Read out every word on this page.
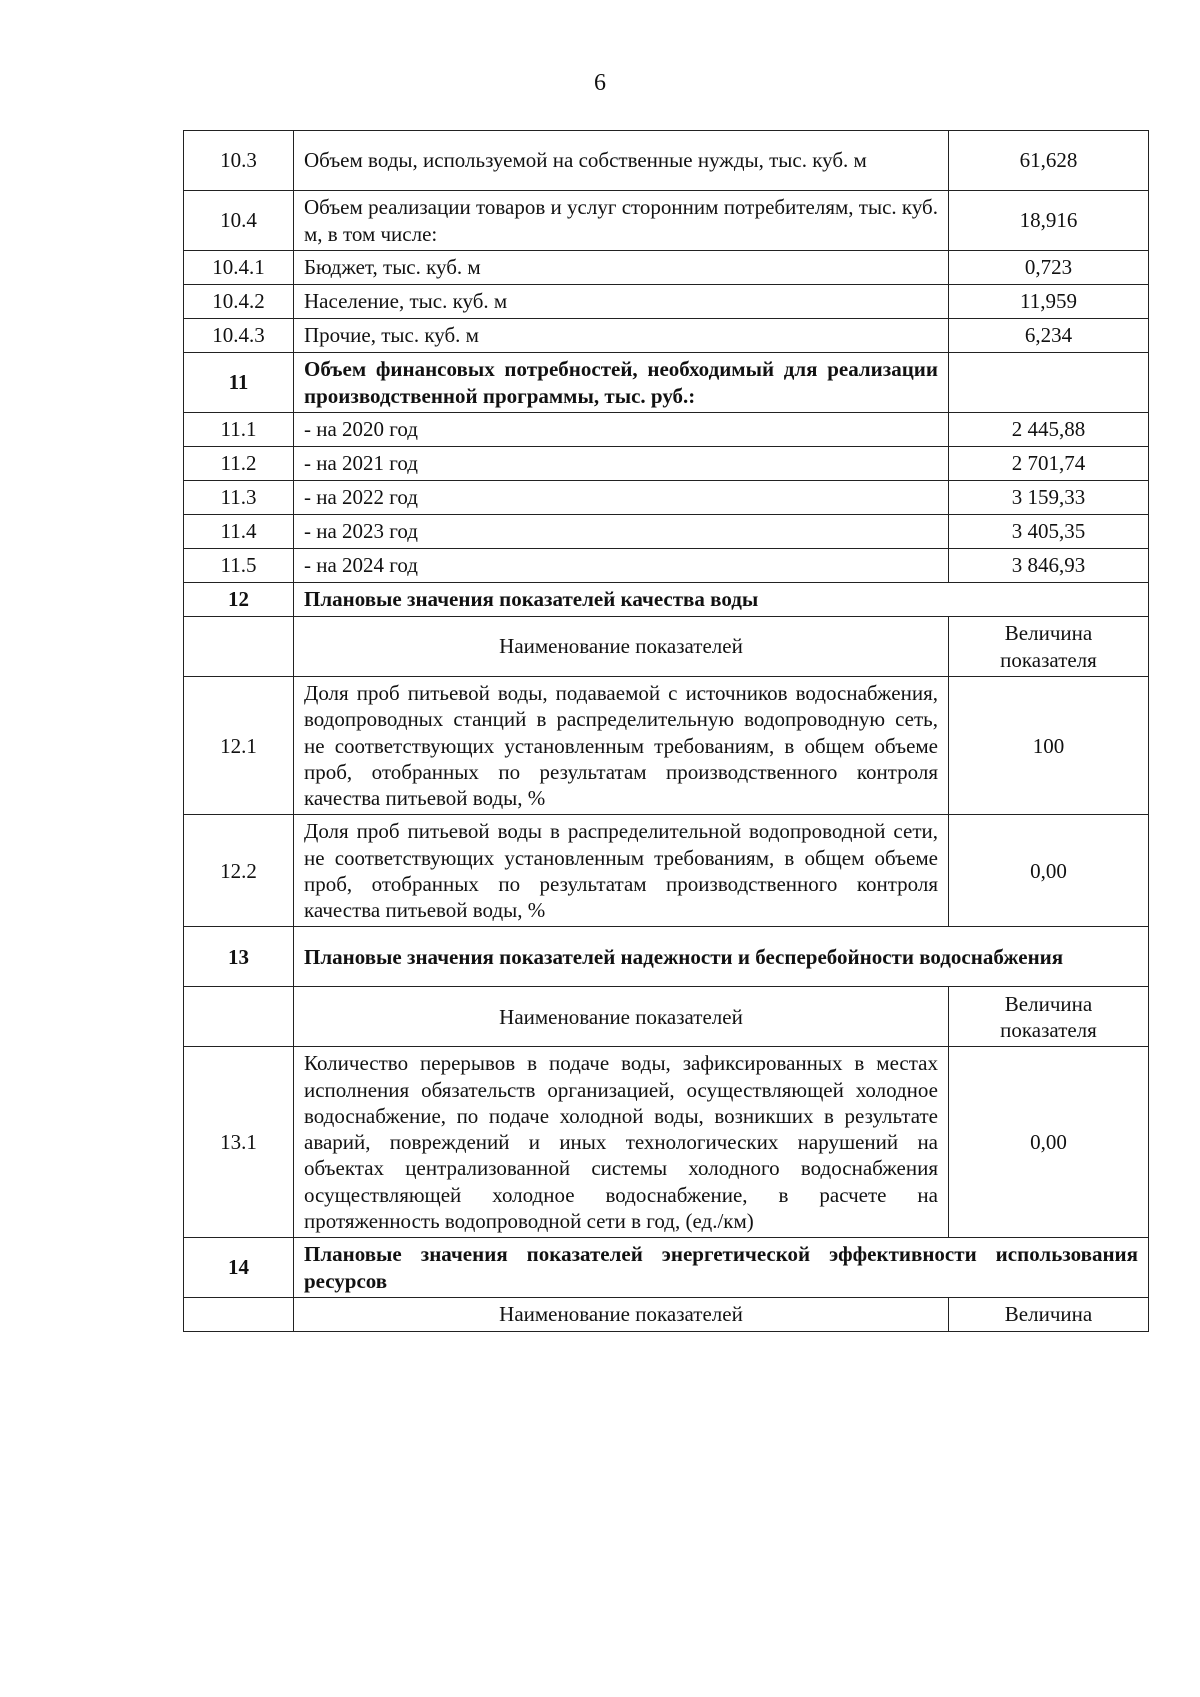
6
10.3	Объем воды, используемой на собственные нужды, тыс. куб. м	61,628
10.4	Объем реализации товаров и услуг сторонним потребителям, тыс. куб. м, в том числе:	18,916
10.4.1	Бюджет, тыс. куб. м	0,723
10.4.2	Население, тыс. куб. м	11,959
10.4.3	Прочие, тыс. куб. м	6,234
11	Объем финансовых потребностей, необходимый для реализации производственной программы, тыс. руб.:	
11.1	- на 2020 год	2 445,88
11.2	- на 2021 год	2 701,74
11.3	- на 2022 год	3 159,33
11.4	- на 2023 год	3 405,35
11.5	- на 2024 год	3 846,93
12	Плановые значения показателей качества воды	
	Наименование показателей	Величина показателя
12.1	Доля проб питьевой воды, подаваемой с источников водоснабжения, водопроводных станций в распределительную водопроводную сеть, не соответствующих установленным требованиям, в общем объеме проб, отобранных по результатам производственного контроля качества питьевой воды, %	100
12.2	Доля проб питьевой воды в распределительной водопроводной сети, не соответствующих установленным требованиям, в общем объеме проб, отобранных по результатам производственного контроля качества питьевой воды, %	0,00
13	Плановые значения показателей надежности и бесперебойности водоснабжения	
	Наименование показателей	Величина показателя
13.1	Количество перерывов в подаче воды, зафиксированных в местах исполнения обязательств организацией, осуществляющей холодное водоснабжение, по подаче холодной воды, возникших в результате аварий, повреждений и иных технологических нарушений на объектах централизованной системы холодного водоснабжения осуществляющей холодное водоснабжение, в расчете на протяженность водопроводной сети в год, (ед./км)	0,00
14	Плановые значения показателей энергетической эффективности использования ресурсов	
	Наименование показателей	Величина
